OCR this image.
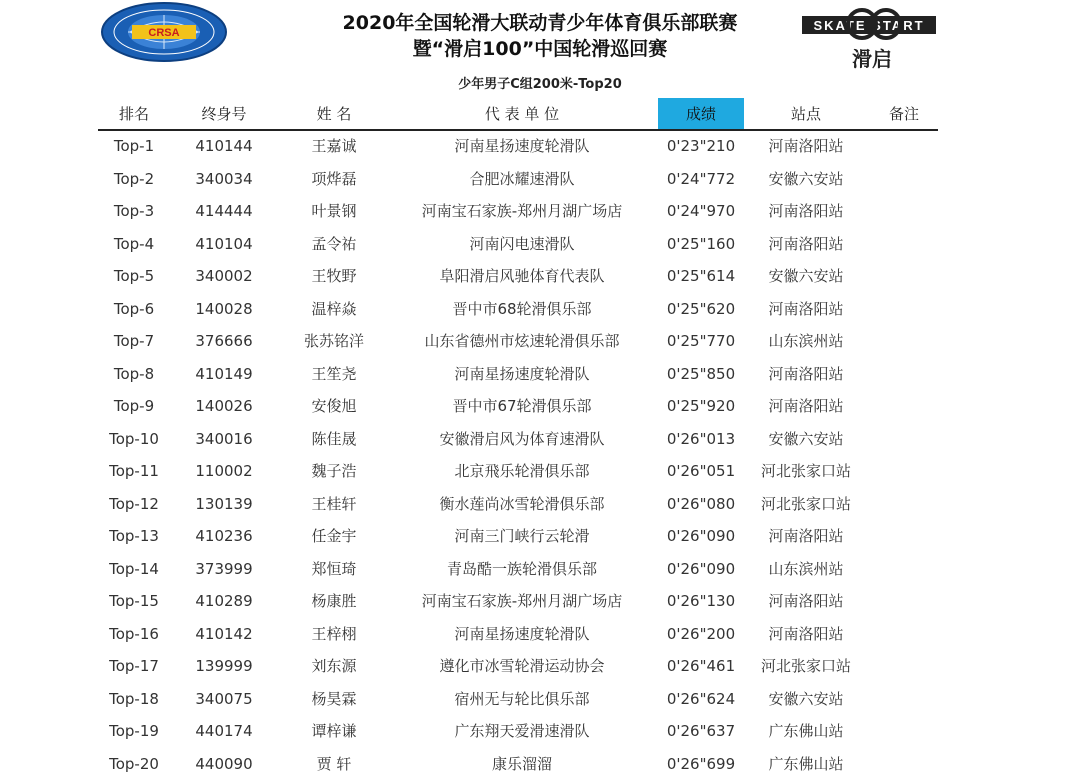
CRSA	SKATE START
滑启
2020年全国轮滑大联动青少年体育俱乐部联赛
暨“滑启100”中国轮滑巡回赛
少年男子C组200米-Top20
排名	终身号	姓 名	代 表 单 位	成绩	站点	备注
Top-1	410144	王嘉诚	河南星扬速度轮滑队	0'23"210	河南洛阳站
Top-2	340034	项烨磊	合肥冰耀速滑队	0'24"772	安徽六安站
Top-3	414444	叶景钢	河南宝石家族-郑州月湖广场店	0'24"970	河南洛阳站
Top-4	410104	孟令祐	河南闪电速滑队	0'25"160	河南洛阳站
Top-5	340002	王牧野	阜阳滑启风驰体育代表队	0'25"614	安徽六安站
Top-6	140028	温梓焱	晋中市68轮滑俱乐部	0'25"620	河南洛阳站
Top-7	376666	张苏铭洋	山东省德州市炫速轮滑俱乐部	0'25"770	山东滨州站
Top-8	410149	王笙尧	河南星扬速度轮滑队	0'25"850	河南洛阳站
Top-9	140026	安俊旭	晋中市67轮滑俱乐部	0'25"920	河南洛阳站
Top-10	340016	陈佳晟	安徽滑启风为体育速滑队	0'26"013	安徽六安站
Top-11	110002	魏子浩	北京飛乐轮滑俱乐部	0'26"051	河北张家口站
Top-12	130139	王桂轩	衡水莲尚冰雪轮滑俱乐部	0'26"080	河北张家口站
Top-13	410236	任金宇	河南三门峡行云轮滑	0'26"090	河南洛阳站
Top-14	373999	郑恒琦	青岛酷一族轮滑俱乐部	0'26"090	山东滨州站
Top-15	410289	杨康胜	河南宝石家族-郑州月湖广场店	0'26"130	河南洛阳站
Top-16	410142	王梓栩	河南星扬速度轮滑队	0'26"200	河南洛阳站
Top-17	139999	刘东源	遵化市冰雪轮滑运动协会	0'26"461	河北张家口站
Top-18	340075	杨昊霖	宿州无与轮比俱乐部	0'26"624	安徽六安站
Top-19	440174	谭梓谦	广东翔天爱滑速滑队	0'26"637	广东佛山站
Top-20	440090	贾 轩	康乐溜溜	0'26"699	广东佛山站
